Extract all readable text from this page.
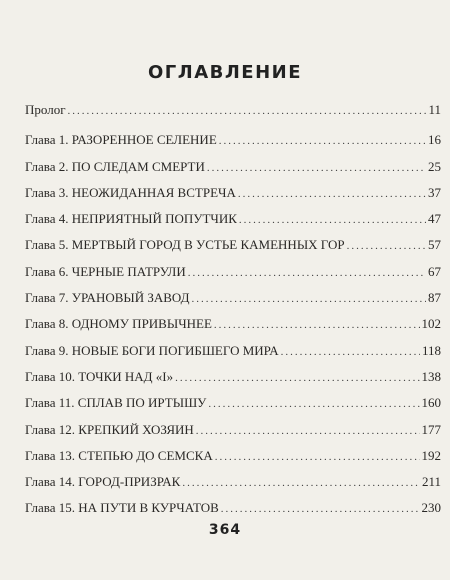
ОГЛАВЛЕНИЕ
Пролог .....	11
Глава 1. РАЗОРЕННОЕ СЕЛЕНИЕ .....	16
Глава 2. ПО СЛЕДАМ СМЕРТИ .....	25
Глава 3. НЕОЖИДАННАЯ ВСТРЕЧА .....	37
Глава 4. НЕПРИЯТНЫЙ ПОПУТЧИК .....	47
Глава 5. МЕРТВЫЙ ГОРОД В УСТЬЕ КАМЕННЫХ ГОР .....	57
Глава 6. ЧЕРНЫЕ ПАТРУЛИ .....	67
Глава 7. УРАНОВЫЙ ЗАВОД .....	87
Глава 8. ОДНОМУ ПРИВЫЧНЕЕ .....	102
Глава 9. НОВЫЕ БОГИ ПОГИБШЕГО МИРА .....	118
Глава 10. ТОЧКИ НАД «I» .....	138
Глава 11. СПЛАВ ПО ИРТЫШУ .....	160
Глава 12. КРЕПКИЙ ХОЗЯИН .....	177
Глава 13. СТЕПЬЮ ДО СЕМСКА .....	192
Глава 14. ГОРОД-ПРИЗРАК .....	211
Глава 15. НА ПУТИ В КУРЧАТОВ .....	230
364
